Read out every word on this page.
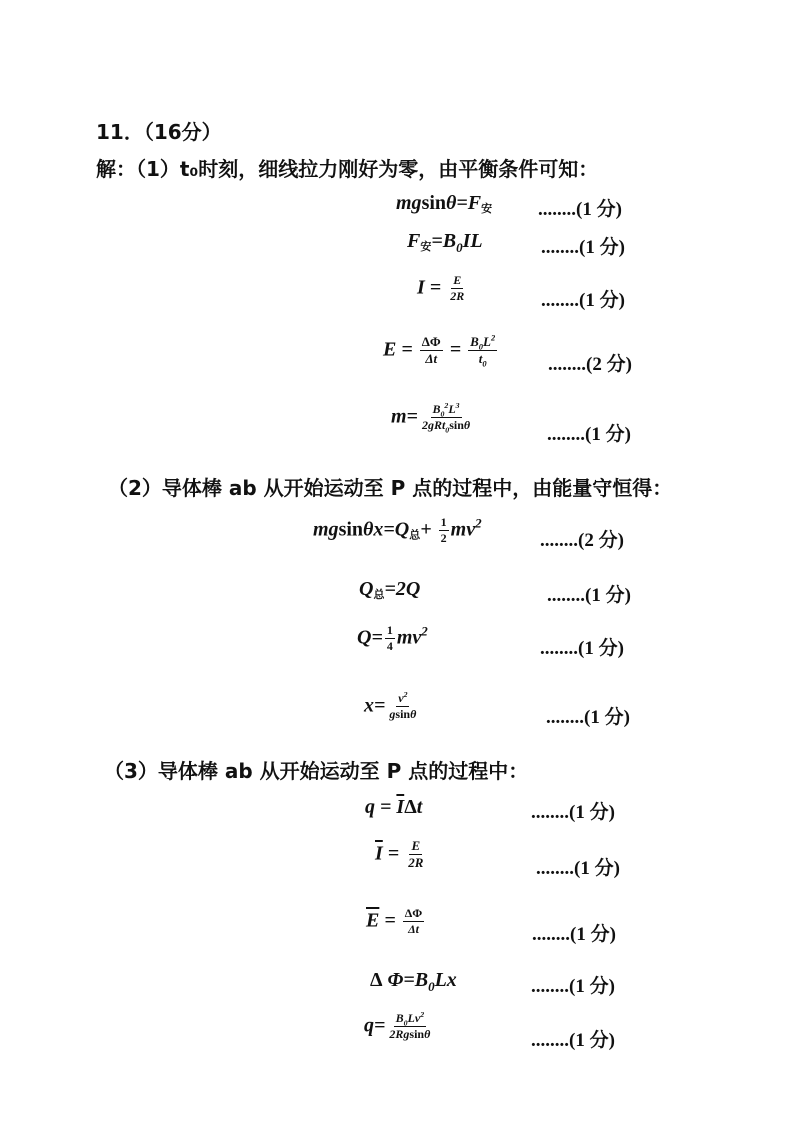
11．（16分）
解：（1）t₀时刻，细线拉力刚好为零，由平衡条件可知：
mgsinθ=F安 ........(1 分)
F安$=B_0IL$	........(1 分)
$I = \frac{E}{2R}$	........(1 分)
$E = \frac{\Delta\Phi}{\Delta t} = \frac{B_0L^2}{t_0}$	........(2 分)
$m= \frac{B_0^2L^3}{2gRt_0\sin\theta}$
........(1 分)
（2）导体棒 ab 从开始运动至 P 点的过程中，由能量守恒得：
mgsinθx=Q总+ $\frac{1}{2} mv^2$
........(2 分)
Q总=2Q	........(1 分)
$Q= \frac{1}{4} mv^2$
........(1 分)
$x= \frac{v^2}{gsin\theta}$	........(1 分)
（3）导体棒 ab 从开始运动至 P 点的过程中：
$q = \overline{I}\Delta t$	........(1 分)
$\overline{I} = \frac{E}{2R}$	........(1 分)
$\overline{E} = \frac{\Delta\Phi}{\Delta t}$	........(1 分)
Δ $\Phi=B_0Lx$	........(1 分)
$q= \frac{B_0Lv^2}{2Rgsin\theta}$	........(1 分)
